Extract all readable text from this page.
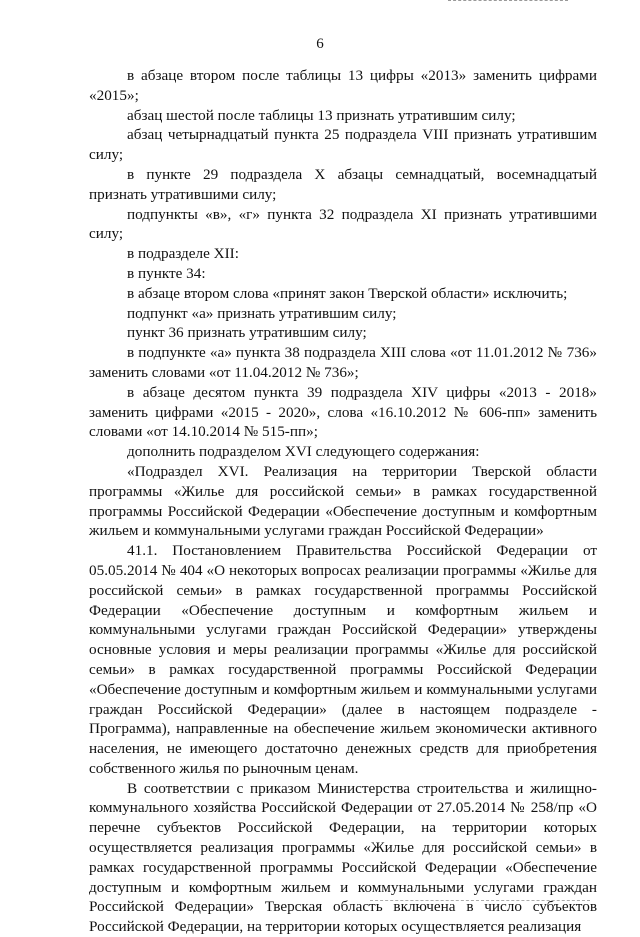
6

в абзаце втором после таблицы 13 цифры «2013» заменить цифрами «2015»;

абзац шестой после таблицы 13 признать утратившим силу;

абзац четырнадцатый пункта 25 подраздела VIII признать утратившим силу;

в пункте 29 подраздела X абзацы семнадцатый, восемнадцатый признать утратившими силу;

подпункты «в», «г» пункта 32 подраздела XI признать утратившими силу;

в подразделе XII:

в пункте 34:

в абзаце втором слова «принят закон Тверской области» исключить;

подпункт «а» признать утратившим силу;

пункт 36 признать утратившим силу;

в подпункте «а» пункта 38 подраздела XIII слова «от 11.01.2012 № 736» заменить словами «от 11.04.2012 № 736»;

в абзаце десятом пункта 39 подраздела XIV цифры «2013 - 2018» заменить цифрами «2015 - 2020», слова «16.10.2012 № 606-пп» заменить словами «от 14.10.2014 № 515-пп»;

дополнить подразделом XVI следующего содержания:

«Подраздел XVI. Реализация на территории Тверской области программы «Жилье для российской семьи» в рамках государственной программы Российской Федерации «Обеспечение доступным и комфортным жильем и коммунальными услугами граждан Российской Федерации»

41.1. Постановлением Правительства Российской Федерации от 05.05.2014 № 404 «О некоторых вопросах реализации программы «Жилье для российской семьи» в рамках государственной программы Российской Федерации «Обеспечение доступным и комфортным жильем и коммунальными услугами граждан Российской Федерации» утверждены основные условия и меры реализации программы «Жилье для российской семьи» в рамках государственной программы Российской Федерации «Обеспечение доступным и комфортным жильем и коммунальными услугами граждан Российской Федерации» (далее в настоящем подразделе - Программа), направленные на обеспечение жильем экономически активного населения, не имеющего достаточно денежных средств для приобретения собственного жилья по рыночным ценам.

В соответствии с приказом Министерства строительства и жилищно-коммунального хозяйства Российской Федерации от 27.05.2014 № 258/пр «О перечне субъектов Российской Федерации, на территории которых осуществляется реализация программы «Жилье для российской семьи» в рамках государственной программы Российской Федерации «Обеспечение доступным и комфортным жильем и коммунальными услугами граждан Российской Федерации» Тверская область включена в число субъектов Российской Федерации, на территории которых осуществляется реализация
